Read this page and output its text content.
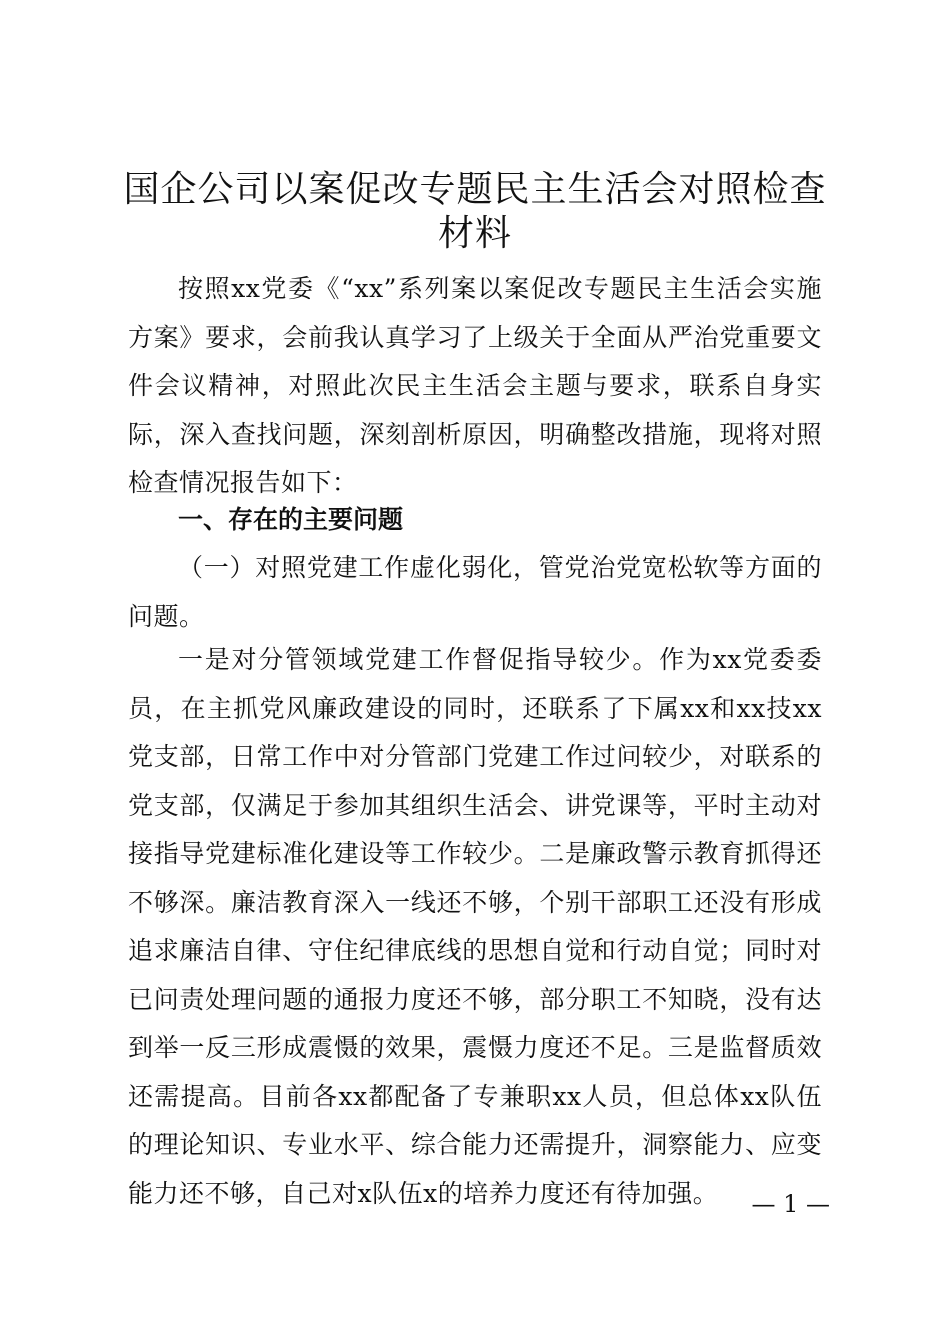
国企公司以案促改专题民主生活会对照检查材料

按照xx党委《“xx”系列案以案促改专题民主生活会实施方案》要求，会前我认真学习了上级关于全面从严治党重要文件会议精神，对照此次民主生活会主题与要求，联系自身实际，深入查找问题，深刻剖析原因，明确整改措施，现将对照检查情况报告如下：

一、存在的主要问题

（一）对照党建工作虚化弱化，管党治党宽松软等方面的问题。

一是对分管领域党建工作督促指导较少。作为xx党委委员，在主抓党风廉政建设的同时，还联系了下属xx和xx技xx党支部，日常工作中对分管部门党建工作过问较少，对联系的党支部，仅满足于参加其组织生活会、讲党课等，平时主动对接指导党建标准化建设等工作较少。二是廉政警示教育抓得还不够深。廉洁教育深入一线还不够，个别干部职工还没有形成追求廉洁自律、守住纪律底线的思想自觉和行动自觉；同时对已问责处理问题的通报力度还不够，部分职工不知晓，没有达到举一反三形成震慑的效果，震慑力度还不足。三是监督质效还需提高。目前各xx都配备了专兼职xx人员，但总体xx队伍的理论知识、专业水平、综合能力还需提升，洞察能力、应变能力还不够，自己对x队伍x的培养力度还有待加强。	— 1 —
